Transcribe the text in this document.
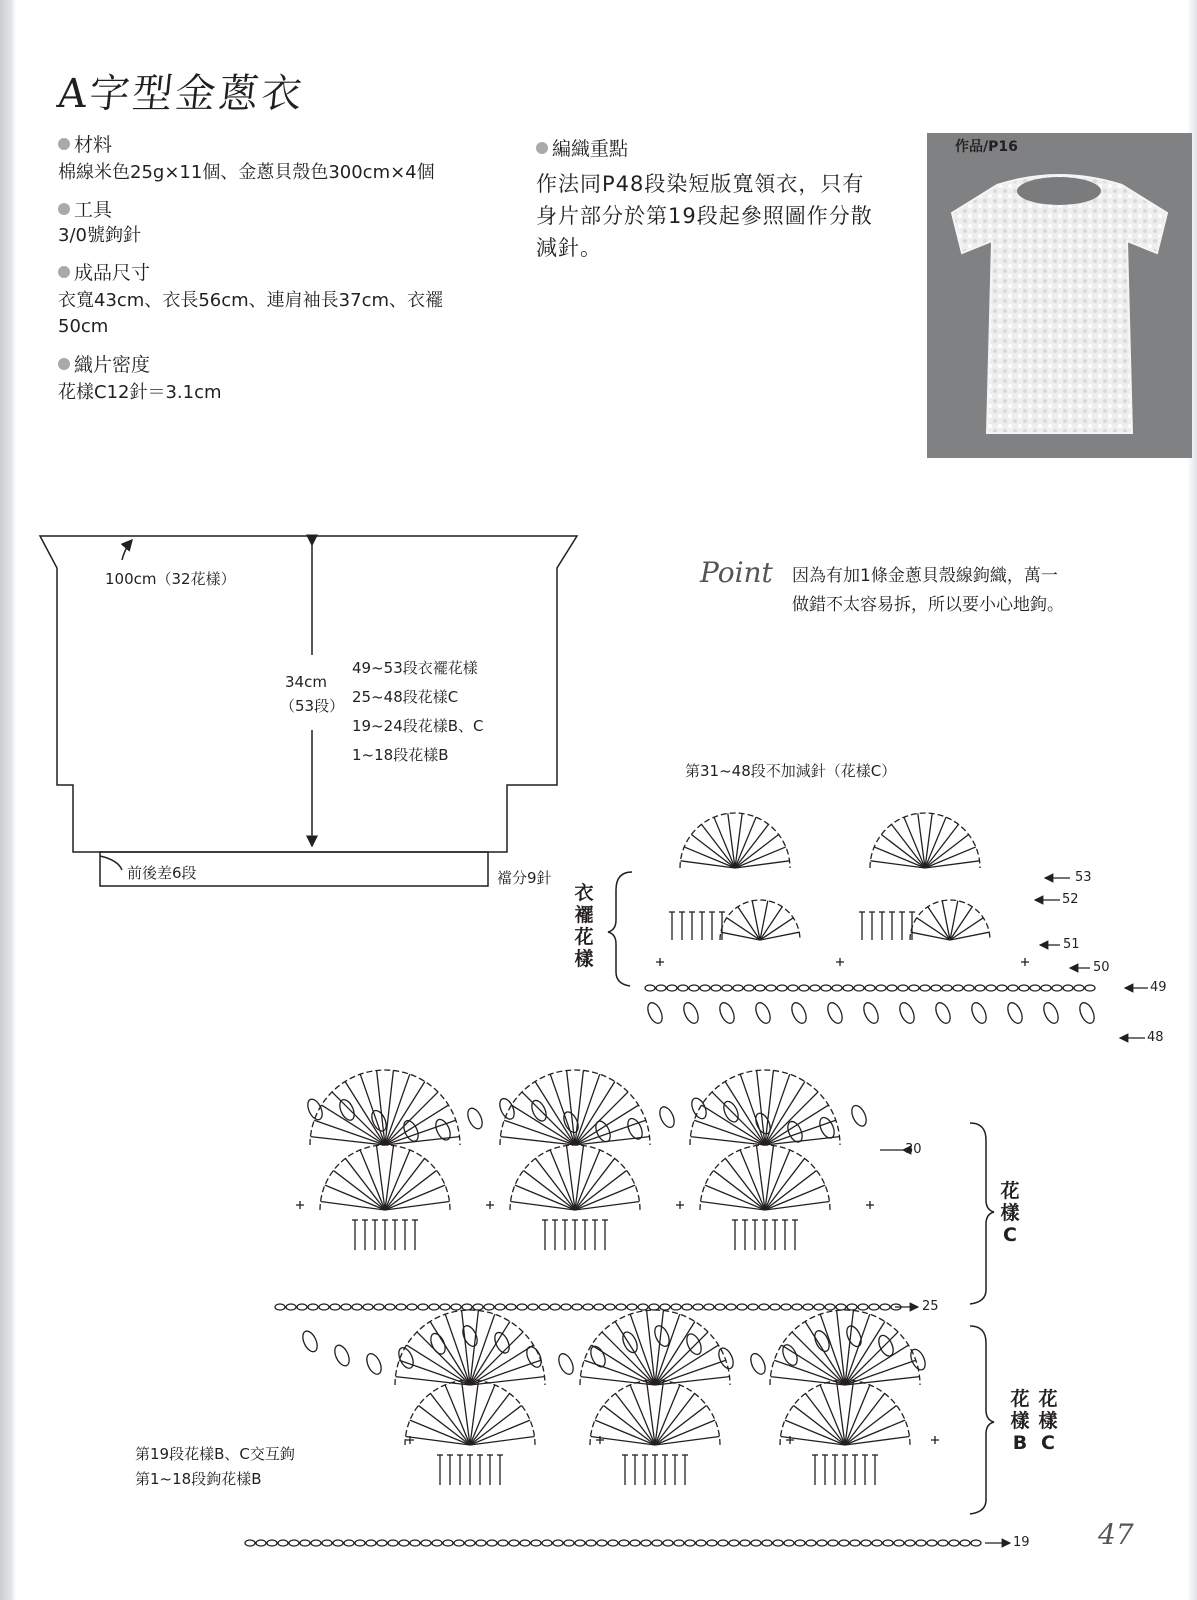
A字型金蔥衣
材料
棉線米色25g×11個、金蔥貝殼色300cm×4個
工具
3/0號鉤針
成品尺寸
衣寬43cm、衣長56cm、連肩袖長37cm、衣襬
50cm
織片密度
花樣C12針＝3.1cm
編織重點
作法同P48段染短版寬領衣，只有
身片部分於第19段起參照圖作分散
減針。
作品/P16
100cm（32花樣）
34cm
（53段）
49~53段衣襬花樣
25~48段花樣C
19~24段花樣B、C
1~18段花樣B
前後差6段	襠分9針
Point 因為有加1條金蔥貝殼線鉤織，萬一
做錯不太容易拆，所以要小心地鉤。
第31~48段不加減針（花樣C）
衣襬花樣
53
52
51
50
49
48
30
25
花樣C
花樣B
花樣C
第19段花樣B、C交互鉤
第1~18段鉤花樣B
19 47
